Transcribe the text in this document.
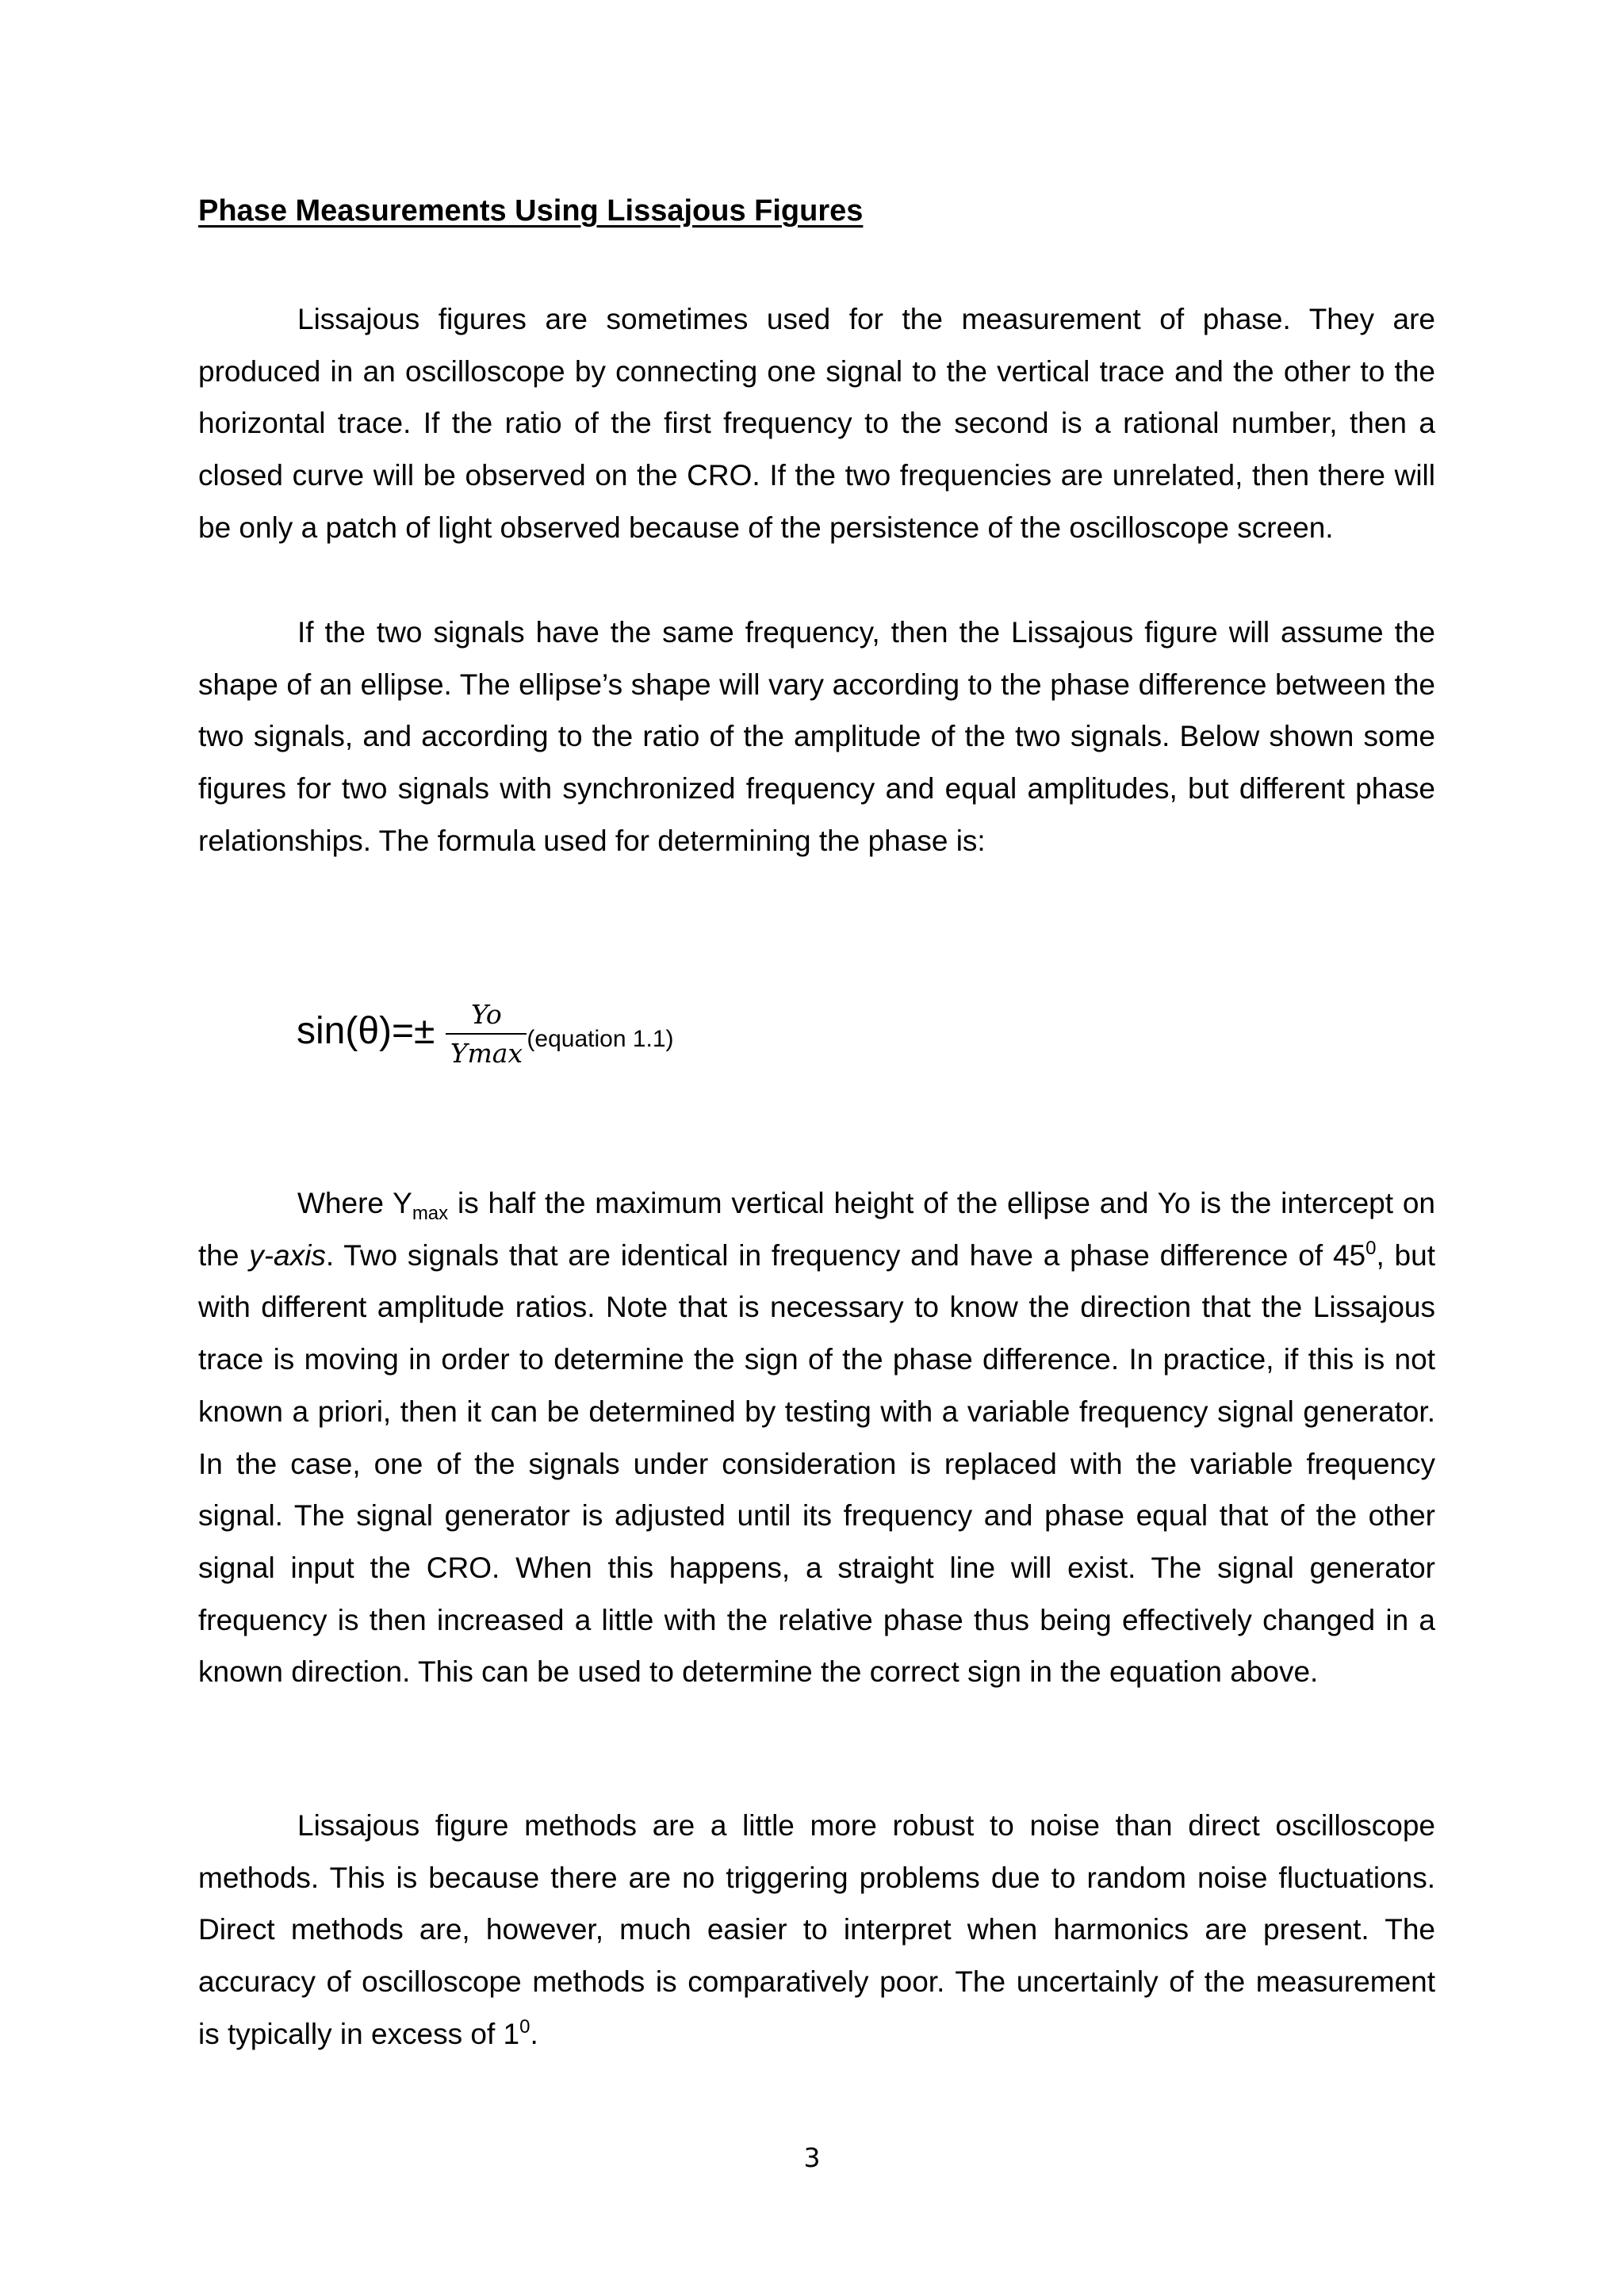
Phase Measurements Using Lissajous Figures

Lissajous figures are sometimes used for the measurement of phase. They are produced in an oscilloscope by connecting one signal to the vertical trace and the other to the horizontal trace. If the ratio of the first frequency to the second is a rational number, then a closed curve will be observed on the CRO. If the two frequencies are unrelated, then there will be only a patch of light observed because of the persistence of the oscilloscope screen.

If the two signals have the same frequency, then the Lissajous figure will assume the shape of an ellipse. The ellipse’s shape will vary according to the phase difference between the two signals, and according to the ratio of the amplitude of the two signals. Below shown some figures for two signals with synchronized frequency and equal amplitudes, but different phase relationships. The formula used for determining the phase is:

$\sin(\theta)=\pm \frac{Yo}{Ymax}$ (equation 1.1)

Where $Y_{max}$ is half the maximum vertical height of the ellipse and Yo is the intercept on the y-axis. Two signals that are identical in frequency and have a phase difference of $45^0$, but with different amplitude ratios. Note that is necessary to know the direction that the Lissajous trace is moving in order to determine the sign of the phase difference. In practice, if this is not known a priori, then it can be determined by testing with a variable frequency signal generator. In the case, one of the signals under consideration is replaced with the variable frequency signal. The signal generator is adjusted until its frequency and phase equal that of the other signal input the CRO. When this happens, a straight line will exist. The signal generator frequency is then increased a little with the relative phase thus being effectively changed in a known direction. This can be used to determine the correct sign in the equation above.

Lissajous figure methods are a little more robust to noise than direct oscilloscope methods. This is because there are no triggering problems due to random noise fluctuations. Direct methods are, however, much easier to interpret when harmonics are present. The accuracy of oscilloscope methods is comparatively poor. The uncertainly of the measurement is typically in excess of $1^0$.

3
